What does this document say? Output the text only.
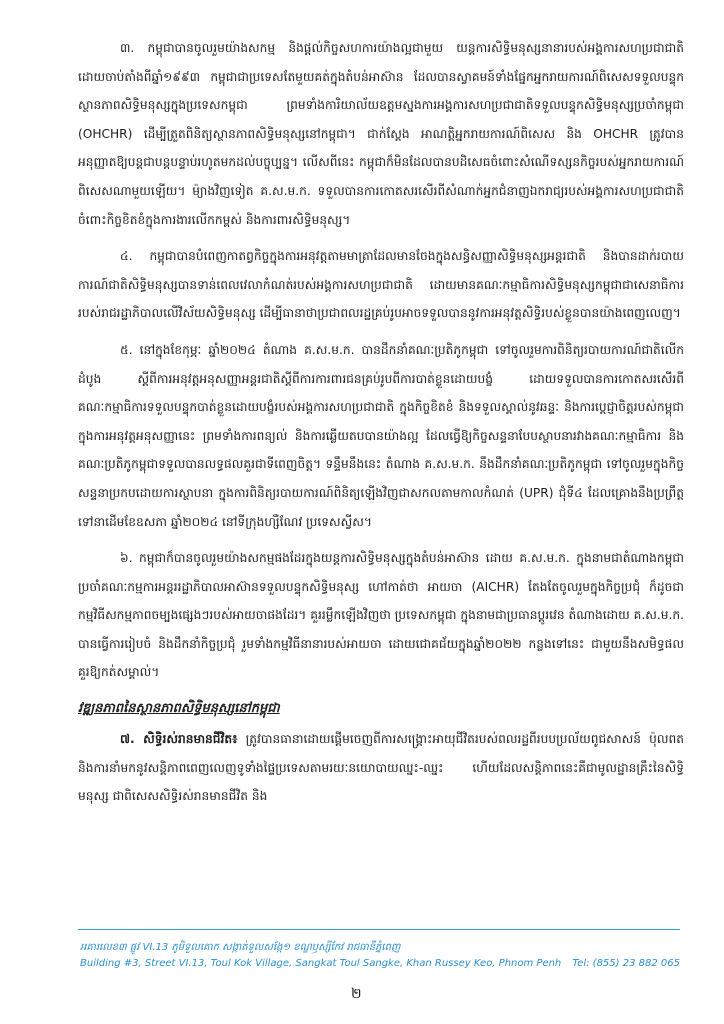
៣. កម្ពុជាបានចូលរួមយ៉ាងសកម្ម និងផ្តល់កិច្ចសហការយ៉ាងល្អជាមួយ យន្តការសិទ្ធិមនុស្សនានារបស់អង្គការសហប្រជាជាតិ ដោយចាប់តាំងពីឆ្នាំ១៩៩៣ កម្ពុជាជាប្រទេសតែមួយគត់ក្នុងតំបន់អាស៊ាន ដែលបានស្វាគមន៍ទាំងផ្នែកអ្នករាយការណ៍ពិសេសទទួលបន្ទុកស្ថានភាពសិទ្ធិមនុស្សក្នុងប្រទេសកម្ពុជា ព្រមទាំងការិយាល័យឧត្តមស្នងការអង្គការសហប្រជាជាតិទទួលបន្ទុកសិទ្ធិមនុស្សប្រចាំកម្ពុជា (OHCHR) ដើម្បីត្រួតពិនិត្យស្ថានភាពសិទ្ធិមនុស្សនៅកម្ពុជា។ ជាក់ស្តែង អាណត្តិអ្នករាយការណ៍ពិសេស និង OHCHR ត្រូវបានអនុញ្ញាតឱ្យបន្តជាបន្តបន្ទាប់រហូតមកដល់បច្ចុប្បន្ន។ លើសពីនេះ កម្ពុជាក៏មិនដែលបានបដិសេធចំពោះសំណើទស្សនកិច្ចរបស់អ្នករាយការណ៍ពិសេសណាមួយឡើយ។ ម៉្យាងវិញទៀត គ.ស.ម.ក. ទទួលបានការកោតសរសើរពីសំណាក់អ្នកជំនាញឯករាជ្យរបស់អង្គការសហប្រជាជាតិ ចំពោះកិច្ចខិតខំក្នុងការងារលើកកម្ពស់ និងការពារសិទ្ធិមនុស្ស។

៤. កម្ពុជាបានបំពេញកាតព្វកិច្ចក្នុងការអនុវត្តតាមមាត្រាដែលមានចែងក្នុងសន្ធិសញ្ញាសិទ្ធិមនុស្សអន្តរជាតិ និងបានដាក់របាយការណ៍ជាតិសិទ្ធិមនុស្សបានទាន់ពេលវេលាកំណត់របស់អង្គការសហប្រជាជាតិ ដោយមានគណៈកម្មាធិការសិទ្ធិមនុស្សកម្ពុជាជាសេនាធិការរបស់រាជរដ្ឋាភិបាលលើវិស័យសិទ្ធិមនុស្ស ដើម្បីធានាថាប្រជាពលរដ្ឋគ្រប់រូបអាចទទួលបាននូវការអនុវត្តសិទ្ធិរបស់ខ្លួនបានយ៉ាងពេញលេញ។

៥. នៅក្នុងខែកុម្ភៈ ឆ្នាំ២០២៤ តំណាង គ.ស.ម.ក. បានដឹកនាំគណៈប្រតិភូកម្ពុជា ទៅចូលរួមការពិនិត្យរបាយការណ៍ជាតិលើកដំបូង ស្តីពីការអនុវត្តអនុសញ្ញាអន្តរជាតិស្តីពីការការពារជនគ្រប់រូបពីការបាត់ខ្លួនដោយបង្ខំ ដោយទទួលបានការកោតសរសើរពីគណៈកម្មាធិការទទួលបន្ទុកបាត់ខ្លួនដោយបង្ខំរបស់អង្គការសហប្រជាជាតិ ក្នុងកិច្ចខិតខំ និងទទួលស្គាល់នូវឆន្ទៈ និងការប្តេជ្ញាចិត្តរបស់កម្ពុជា ក្នុងការអនុវត្តអនុសញ្ញានេះ ព្រមទាំងការពន្យល់ និងការឆ្លើយតបបានយ៉ាងល្អ ដែលធ្វើឱ្យកិច្ចសន្ទនាបែបស្ថាបនារវាងគណៈកម្មាធិការ និងគណៈប្រតិភូកម្ពុជាទទួលបានលទ្ធផលគួរជាទីពេញចិត្ត។ ទន្ទឹមនឹងនេះ តំណាង គ.ស.ម.ក. នឹងដឹកនាំគណៈប្រតិភូកម្ពុជា ទៅចូលរួមក្នុងកិច្ចសន្ទនាប្រកបដោយការស្ថាបនា ក្នុងការពិនិត្យរបាយការណ៍ពិនិត្យឡើងវិញជាសកលតាមកាលកំណត់ (UPR) ជុំទី៤ ដែលគ្រោងនឹងប្រព្រឹត្តទៅនាដើមខែឧសភា ឆ្នាំ២០២៤ នៅទីក្រុងហ្សឺណែវ ប្រទេសស្វីស។

៦. កម្ពុជាក៏បានចូលរួមយ៉ាងសកម្មផងដែរក្នុងយន្តការសិទ្ធិមនុស្សក្នុងតំបន់អាស៊ាន ដោយ គ.ស.ម.ក. ក្នុងនាមជាតំណាងកម្ពុជាប្រចាំគណៈកម្មការអន្តររដ្ឋាភិបាលអាស៊ានទទួលបន្ទុកសិទ្ធិមនុស្ស ហៅកាត់ថា អាយចា (AICHR) តែងតែចូលរួមក្នុងកិច្ចប្រជុំ ក៏ដូចជាកម្មវិធីសកម្មភាពចម្បងផ្សេងៗរបស់អាយចាផងដែរ។ គួររម្លឹកឡើងវិញថា ប្រទេសកម្ពុជា ក្នុងនាមជាប្រធានប្តូរវេន តំណាងដោយ គ.ស.ម.ក. បានធ្វើការរៀបចំ និងដឹកនាំកិច្ចប្រជុំ រួមទាំងកម្មវិធីនានារបស់អាយចា ដោយជោគជ័យក្នុងឆ្នាំ២០២២ កន្លងទៅនេះ ជាមួយនឹងសមិទ្ធផលគួរឱ្យកត់សម្គាល់។

វឌ្ឍនភាពនៃស្ថានភាពសិទ្ធិមនុស្សនៅកម្ពុជា

៧. សិទ្ធិរស់រានមានជីវិត៖ ត្រូវបានធានាដោយផ្តើមចេញពីការសង្គ្រោះអាយុជីវិតរបស់ពលរដ្ឋពីរបបប្រល័យពូជសាសន៍ ប៉ុលពត និងការនាំមកនូវសន្តិភាពពេញលេញទូទាំងផ្ទៃប្រទេសតាមរយៈនយោបាយឈ្នះ-ឈ្នះ ហើយដែលសន្តិភាពនេះគឺជាមូលដ្ឋានគ្រឹះនៃសិទ្ធិមនុស្ស ជាពិសេសសិទ្ធិរស់រានមានជីវិត និង

អគារលេខ៣ ផ្លូវ VI.13 ភូមិទួលគោក សង្កាត់ទួលសង្កែ១ ខណ្ឌឫស្សីកែវ រាជធានីភ្នំពេញ
Building #3, Street VI.13, Toul Kok Village, Sangkat Toul Sangke, Khan Russey Keo, Phnom Penh Tel: (855) 23 882 065
២
